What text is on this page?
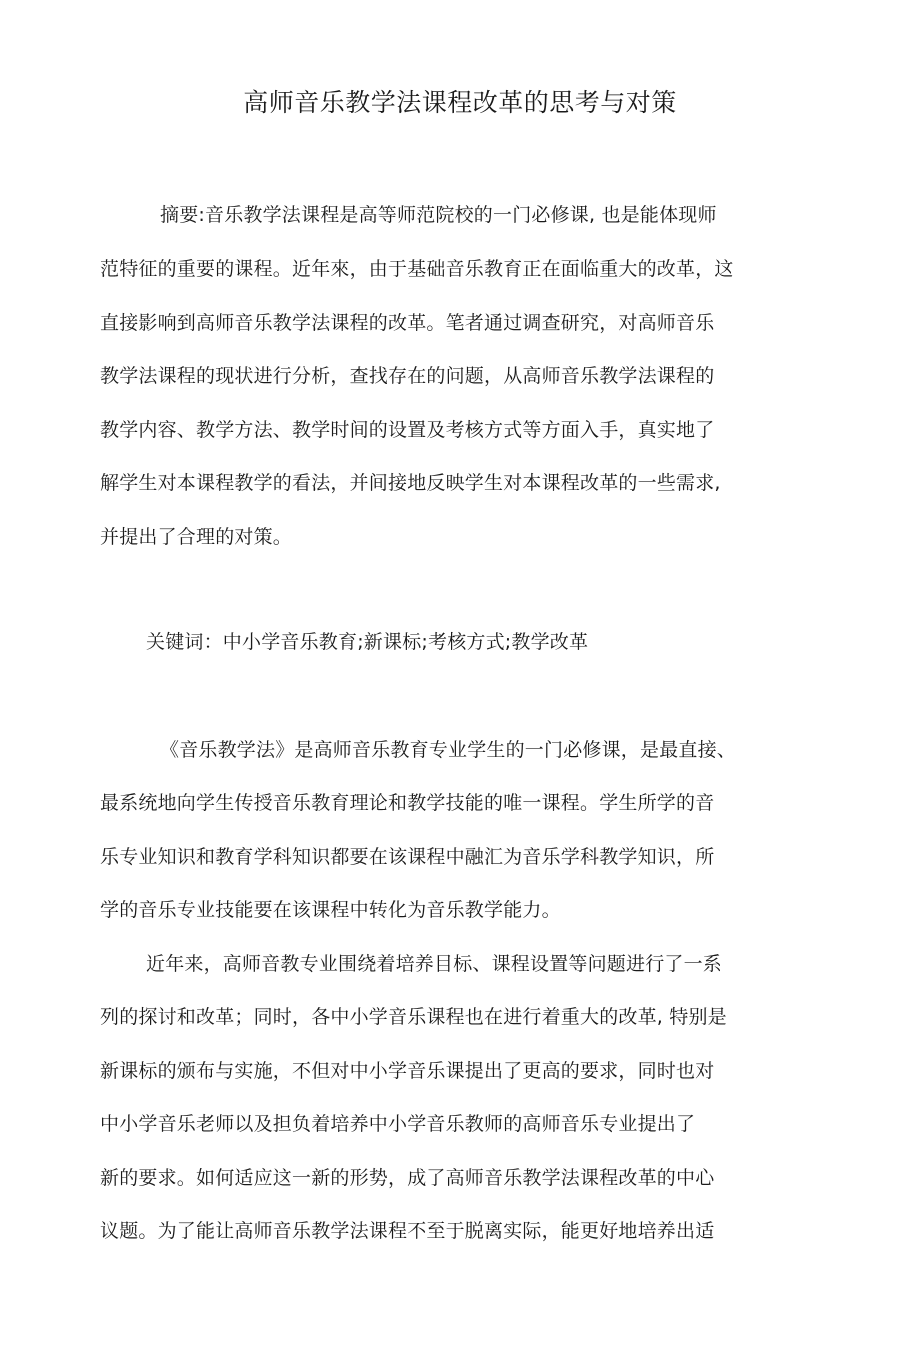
高师音乐教学法课程改革的思考与对策
摘要:音乐教学法课程是高等师范院校的一门必修课, 也是能体现师
范特征的重要的课程。近年來，由于基础音乐教育正在面临重大的改革，这
直接影响到高师音乐教学法课程的改革。笔者通过调查研究，对高师音乐
教学法课程的现状进行分析，查找存在的问题，从高师音乐教学法课程的
教学内容、教学方法、教学时间的设置及考核方式等方面入手，真实地了
解学生对本课程教学的看法，并间接地反映学生对本课程改革的一些需求,
并提出了合理的对策。
关键词：中小学音乐教育;新课标;考核方式;教学改革
《音乐教学法》是高师音乐教育专业学生的一门必修课，是最直接、
最系统地向学生传授音乐教育理论和教学技能的唯一课程。学生所学的音
乐专业知识和教育学科知识都要在该课程中融汇为音乐学科教学知识，所
学的音乐专业技能要在该课程中转化为音乐教学能力。
近年来，高师音教专业围绕着培养目标、课程设置等问题进行了一系
列的探讨和改革；同时，各中小学音乐课程也在进行着重大的改革, 特别是
新课标的颁布与实施，不但对中小学音乐课提出了更高的要求，同时也对
中小学音乐老师以及担负着培养中小学音乐教师的高师音乐专业提出了
新的要求。如何适应这一新的形势，成了高师音乐教学法课程改革的中心
议题。为了能让高师音乐教学法课程不至于脱离实际，能更好地培养出适
